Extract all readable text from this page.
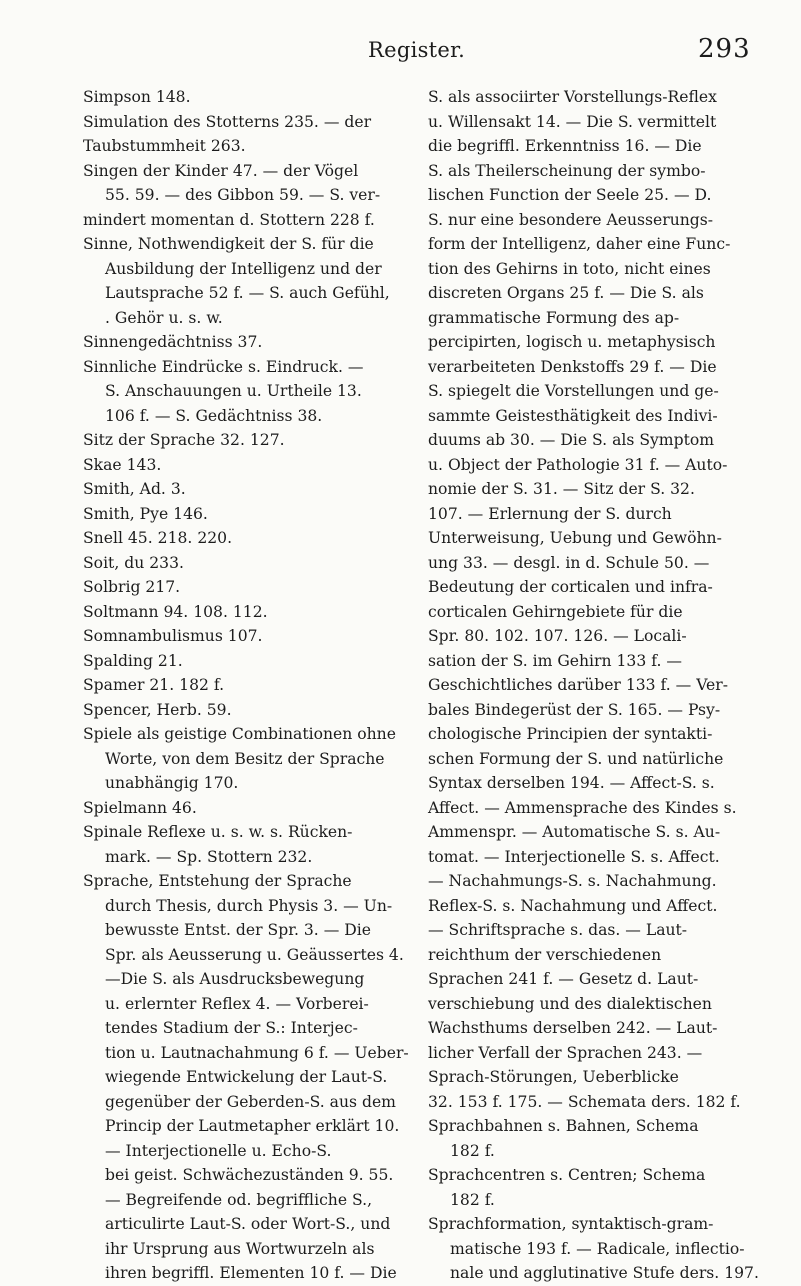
Register.	293
Simpson 148.
Simulation des Stotterns 235. — der
Taubstummheit 263.
Singen der Kinder 47. — der Vögel
55. 59. — des Gibbon 59. — S. ver-
mindert momentan d. Stottern 228 f.
Sinne, Nothwendigkeit der S. für die
Ausbildung der Intelligenz und der
Lautsprache 52 f. — S. auch Gefühl,
. Gehör u. s. w.
Sinnengedächtniss 37.
Sinnliche Eindrücke s. Eindruck. —
S. Anschauungen u. Urtheile 13.
106 f. — S. Gedächtniss 38.
Sitz der Sprache 32. 127.
Skae 143.
Smith, Ad. 3.
Smith, Pye 146.
Snell 45. 218. 220.
Soit, du 233.
Solbrig 217.
Soltmann 94. 108. 112.
Somnambulismus 107.
Spalding 21.
Spamer 21. 182 f.
Spencer, Herb. 59.
Spiele als geistige Combinationen ohne
Worte, von dem Besitz der Sprache
unabhängig 170.
Spielmann 46.
Spinale Reflexe u. s. w. s. Rücken-
mark. — Sp. Stottern 232.
Sprache, Entstehung der Sprache
durch Thesis, durch Physis 3. — Un-
bewusste Entst. der Spr. 3. — Die
Spr. als Aeusserung u. Geäussertes 4.
—Die S. als Ausdrucksbewegung
u. erlernter Reflex 4. — Vorberei-
tendes Stadium der S.: Interjec-
tion u. Lautnachahmung 6 f. — Ueber-
wiegende Entwickelung der Laut-S.
gegenüber der Geberden-S. aus dem
Princip der Lautmetapher erklärt 10.
— Interjectionelle u. Echo-S.
bei geist. Schwächezuständen 9. 55.
— Begreifende od. begriffliche S.,
articulirte Laut-S. oder Wort-S., und
ihr Ursprung aus Wortwurzeln als
ihren begriffl. Elementen 10 f. — Die
S. als associirter Vorstellungs-Reflex
u. Willensakt 14. — Die S. vermittelt
die begriffl. Erkenntniss 16. — Die
S. als Theilerscheinung der symbo-
lischen Function der Seele 25. — D.
S. nur eine besondere Aeusserungs-
form der Intelligenz, daher eine Func-
tion des Gehirns in toto, nicht eines
discreten Organs 25 f. — Die S. als
grammatische Formung des ap-
percipirten, logisch u. metaphysisch
verarbeiteten Denkstoffs 29 f. — Die
S. spiegelt die Vorstellungen und ge-
sammte Geistesthätigkeit des Indivi-
duums ab 30. — Die S. als Symptom
u. Object der Pathologie 31 f. — Auto-
nomie der S. 31. — Sitz der S. 32.
107. — Erlernung der S. durch
Unterweisung, Uebung und Gewöhn-
ung 33. — desgl. in d. Schule 50. —
Bedeutung der corticalen und infra-
corticalen Gehirngebiete für die
Spr. 80. 102. 107. 126. — Locali-
sation der S. im Gehirn 133 f. —
Geschichtliches darüber 133 f. — Ver-
bales Bindegerüst der S. 165. — Psy-
chologische Principien der syntakti-
schen Formung der S. und natürliche
Syntax derselben 194. — Affect-S. s.
Affect. — Ammensprache des Kindes s.
Ammenspr. — Automatische S. s. Au-
tomat. — Interjectionelle S. s. Affect.
— Nachahmungs-S. s. Nachahmung.
Reflex-S. s. Nachahmung und Affect.
— Schriftsprache s. das. — Laut-
reichthum der verschiedenen
Sprachen 241 f. — Gesetz d. Laut-
verschiebung und des dialektischen
Wachsthums derselben 242. — Laut-
licher Verfall der Sprachen 243. —
Sprach-Störungen, Ueberblicke
32. 153 f. 175. — Schemata ders. 182 f.
Sprachbahnen s. Bahnen, Schema
182 f.
Sprachcentren s. Centren; Schema
182 f.
Sprachformation, syntaktisch-gram-
matische 193 f. — Radicale, inflectio-
nale und agglutinative Stufe ders. 197.
